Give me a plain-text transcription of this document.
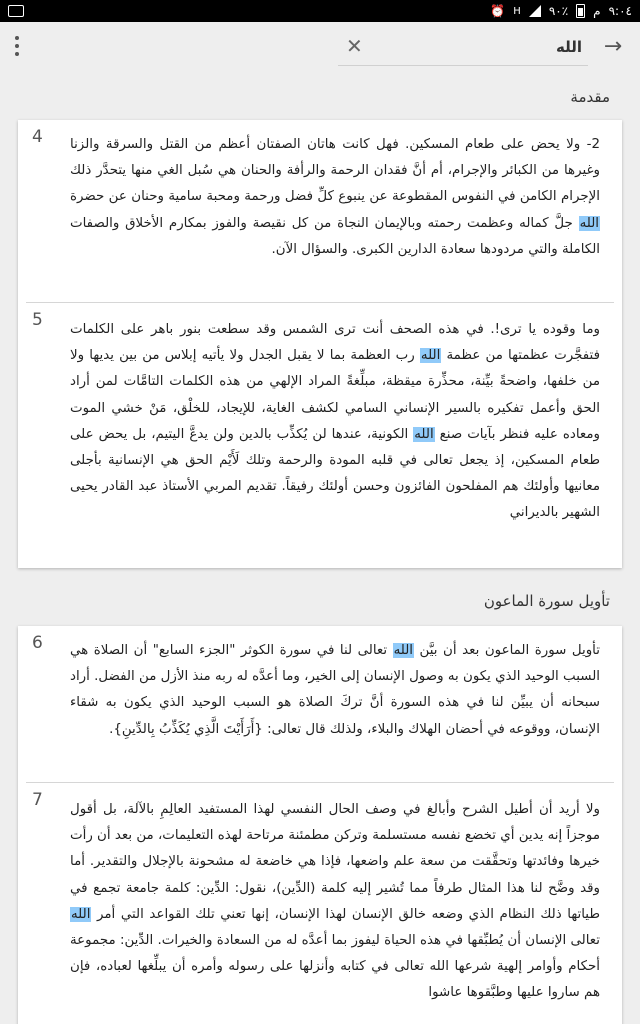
⏰ H ٩٠٪ م ٩:٠٤
→
الله
✕
مقدمة
4 2- ولا يحض على طعام المسكين. فهل كانت هاتان الصفتان أعظم من القتل والسرقة والزنا وغيرها من الكبائر والإجرام، أم أنَّ فقدان الرحمة والرأفة والحنان هي سُبل الغي منها يتحدَّر ذلك الإجرام الكامن في النفوس المقطوعة عن ينبوع كلِّ فضل ورحمة ومحبة سامية وحنان عن حضرة الله جلَّ كماله وعظمت رحمته وبالإيمان النجاة من كل نقيصة والفوز بمكارم الأخلاق والصفات الكاملة والتي مردودها سعادة الدارين الكبرى. والسؤال الآن.
5 وما وقوده يا ترى!. في هذه الصحف أنت ترى الشمس وقد سطعت بنور باهر على الكلمات فتفجَّرت عظمتها من عظمة الله رب العظمة بما لا يقبل الجدل ولا يأتيه إبلاس من بين يديها ولا من خلفها، واضحةً بيِّنة، محذِّرة ميقظة، مبلِّغةً المراد الإلهي من هذه الكلمات التامَّات لمن أراد الحق وأعمل تفكيره بالسير الإنساني السامي لكشف الغاية، للإيجاد، للخلْق، مَنْ خشي الموت ومعاده عليه فنظر بآيات صنع الله الكونية، عندها لن يُكذِّب بالدين ولن يدعَّ اليتيم، بل يحض على طعام المسكين، إذ يجعل تعالى في قلبه المودة والرحمة وتلك لَأَيْم الحق هي الإنسانية بأجلى معانيها وأولئك هم المفلحون الفائزون وحسن أولئك رفيقاً. تقديم المربي الأستاذ عبد القادر يحيى الشهير بالديراني
تأويل سورة الماعون
6	تأويل سورة الماعون بعد أن بيَّن الله تعالى لنا في سورة الكوثر "الجزء السابع" أن الصلاة هي السبب الوحيد الذي يكون به وصول الإنسان إلى الخير، وما أعدَّه له ربه منذ الأزل من الفضل. أراد سبحانه أن يبيِّن لنا في هذه السورة أنَّ تركَ الصلاة هو السبب الوحيد الذي يكون به شقاء الإنسان، ووقوعه في أحضان الهلاك والبلاء، ولذلك قال تعالى: {أَرَأَيْتَ الَّذِي يُكَذِّبُ بِالدِّينِ}.
7 ولا أريد أن أطيل الشرح وأبالغ في وصف الحال النفسي لهذا المستفيد العالِمِ بالآلة، بل أقول موجزاً إنه يدين أي تخضع نفسه مستسلمة وتركن مطمئنة مرتاحة لهذه التعليمات، من بعد أن رأت خيرها وفائدتها وتحقَّقت من سعة علم واضعها، فإذا هي خاضعة له مشحونة بالإجلال والتقدير. أما وقد وضَّح لنا هذا المثال طرفاً مما تُشير إليه كلمة (الدِّين)، نقول: الدِّين: كلمة جامعة تجمع في طياتها ذلك النظام الذي وضعه خالق الإنسان لهذا الإنسان، إنها تعني تلك القواعد التي أمر الله تعالى الإنسان أن يُطبِّقها في هذه الحياة ليفوز بما أعدَّه له من السعادة والخيرات. الدِّين: مجموعة أحكام وأوامر إلهية شرعها الله تعالى في كتابه وأنزلها على رسوله وأمره أن يبلِّغها لعباده، فإن هم ساروا عليها وطبَّقوها عاشوا
